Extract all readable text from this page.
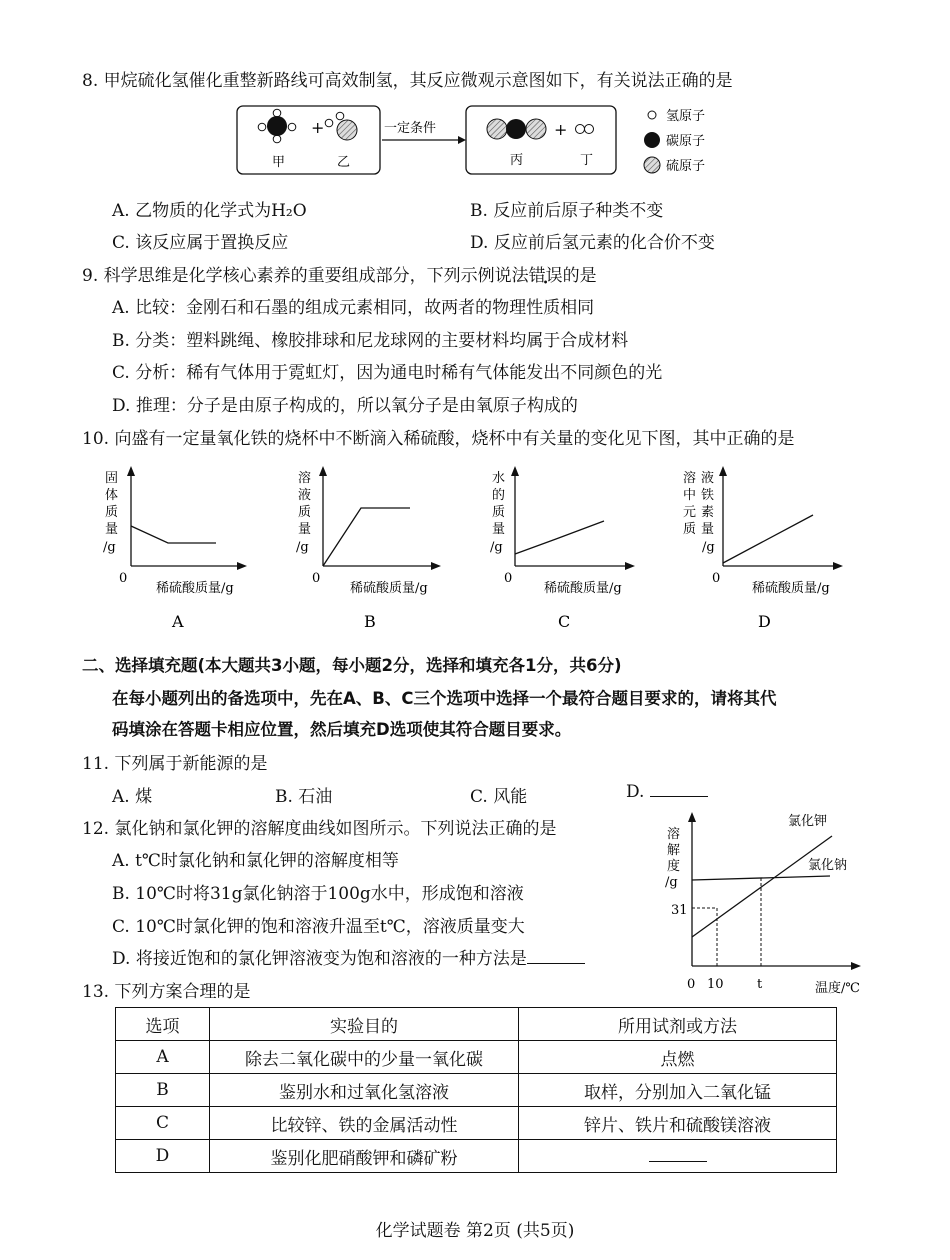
8. 甲烷硫化氢催化重整新路线可高效制氢，其反应微观示意图如下，有关说法正确的是
+
甲	乙
一定条件	+
丙	丁
氢原子
碳原子
硫原子
A. 乙物质的化学式为H₂O	B. 反应前后原子种类不变
C. 该反应属于置换反应	D. 反应前后氢元素的化合价不变
9. 科学思维是化学核心素养的重要组成部分，下列示例说法错误的是
A. 比较：金刚石和石墨的组成元素相同，故两者的物理性质相同
B. 分类：塑料跳绳、橡胶排球和尼龙球网的主要材料均属于合成材料
C. 分析：稀有气体用于霓虹灯，因为通电时稀有气体能发出不同颜色的光
D. 推理：分子是由原子构成的，所以氧分子是由氧原子构成的
10. 向盛有一定量氧化铁的烧杯中不断滴入稀硫酸，烧杯中有关量的变化见下图，其中正确的是
固
体
质
量
/g
0
稀硫酸质量/g
A
溶
液
质
量
/g
0
稀硫酸质量/g
B
水
的
质
量
/g
0
稀硫酸质量/g
C
溶
中
元
质
液
铁
素
量
/g
0
稀硫酸质量/g
D
二、选择填充题(本大题共3小题，每小题2分，选择和填充各1分，共6分)
在每小题列出的备选项中，先在A、B、C三个选项中选择一个最符合题目要求的，请将其代
码填涂在答题卡相应位置，然后填充D选项使其符合题目要求。
11. 下列属于新能源的是
A. 煤	B. 石油	C. 风能	D.
12. 氯化钠和氯化钾的溶解度曲线如图所示。下列说法正确的是
A. t℃时氯化钠和氯化钾的溶解度相等
B. 10℃时将31g氯化钠溶于100g水中，形成饱和溶液
C. 10℃时氯化钾的饱和溶液升温至t℃，溶液质量变大
D. 将接近饱和的氯化钾溶液变为饱和溶液的一种方法是
溶
解
度
/g
31
0 10	t	温度/℃
氯化钾
氯化钠
13. 下列方案合理的是
选项	实验目的	所用试剂或方法
A	除去二氧化碳中的少量一氧化碳	点燃
B	鉴别水和过氧化氢溶液	取样，分别加入二氧化锰
C	比较锌、铁的金属活动性	锌片、铁片和硫酸镁溶液
D	鉴别化肥硝酸钾和磷矿粉	
化学试题卷 第2页 (共5页)
